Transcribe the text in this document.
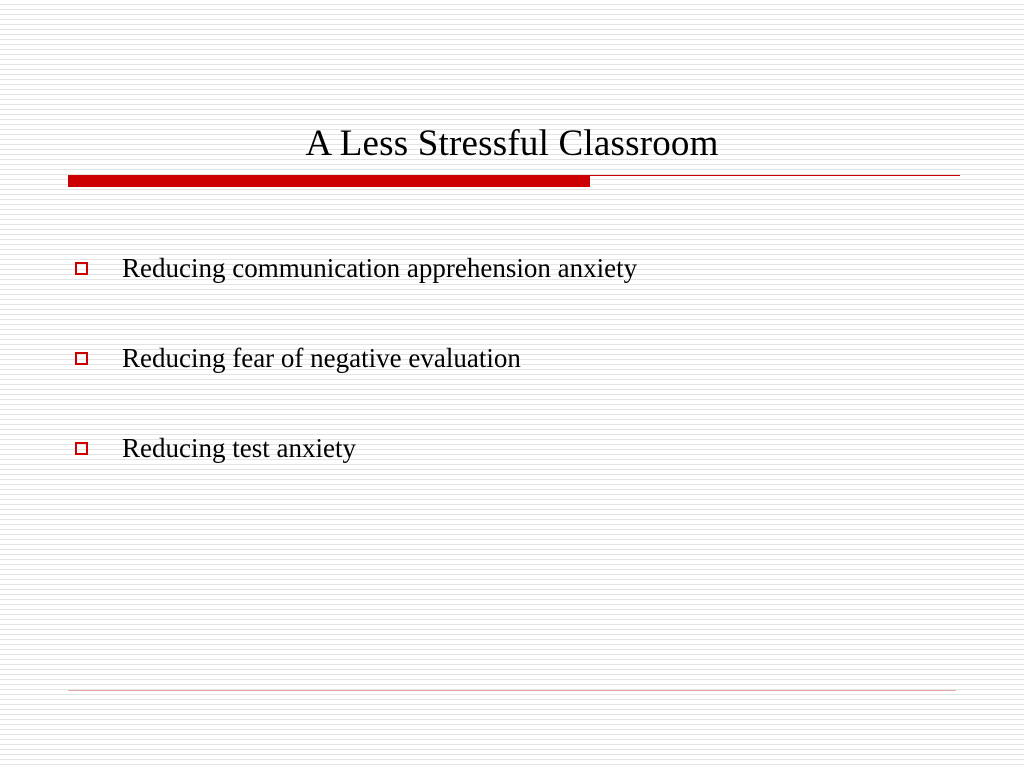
A Less Stressful Classroom
Reducing communication apprehension anxiety
Reducing fear of negative evaluation
Reducing test anxiety
